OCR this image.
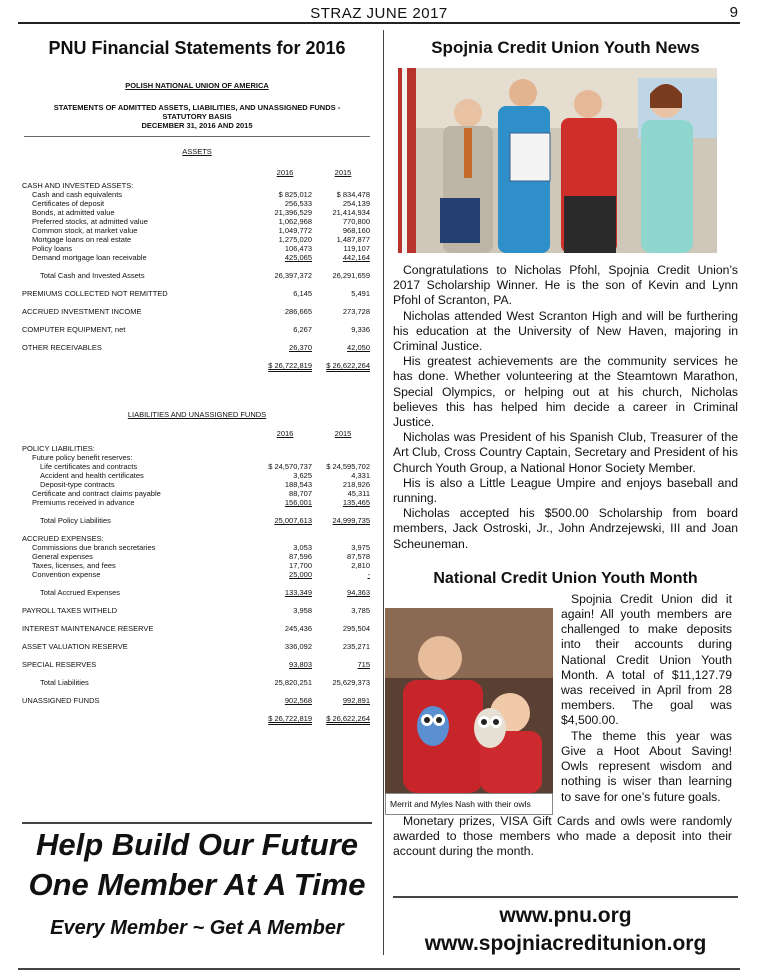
STRAZ JUNE 2017	9
PNU Financial Statements for 2016
POLISH NATIONAL UNION OF AMERICA
STATEMENTS OF ADMITTED ASSETS, LIABILITIES, AND UNASSIGNED FUNDS -
STATUTORY BASIS
DECEMBER 31, 2016 AND 2015
ASSETS
2016	2015
CASH AND INVESTED ASSETS:
Cash and cash equivalents	$ 825,012	$ 834,478
Certificates of deposit	256,533	254,139
Bonds, at admitted value	21,396,529	21,414,934
Preferred stocks, at admitted value	1,062,968	770,800
Common stock, at market value	1,049,772	968,160
Mortgage loans on real estate	1,275,020	1,487,877
Policy loans	106,473	119,107
Demand mortgage loan receivable	425,065	442,164
Total Cash and Invested Assets	26,397,372	26,291,659
PREMIUMS COLLECTED NOT REMITTED	6,145	5,491
ACCRUED INVESTMENT INCOME	286,665	273,728
COMPUTER EQUIPMENT, net	6,267	9,336
OTHER RECEIVABLES	26,370	42,050
$ 26,722,819	$ 26,622,264
LIABILITIES AND UNASSIGNED FUNDS
2016	2015
POLICY LIABILITIES:
Future policy benefit reserves:
Life certificates and contracts	$ 24,570,737	$ 24,595,702
Accident and health certificates	3,625	4,331
Deposit-type contracts	188,543	218,926
Certificate and contract claims payable	88,707	45,311
Premiums received in advance	156,001	135,465
Total Policy Liabilities	25,007,613	24,999,735
ACCRUED EXPENSES:
Commissions due branch secretaries	3,053	3,975
General expenses	87,596	87,578
Taxes, licenses, and fees	17,700	2,810
Convention expense	25,000	-
Total Accrued Expenses	133,349	94,363
PAYROLL TAXES WITHELD	3,958	3,785
INTEREST MAINTENANCE RESERVE	245,436	295,504
ASSET VALUATION RESERVE	336,092	235,271
SPECIAL RESERVES	93,803	715
Total Liabilities	25,820,251	25,629,373
UNASSIGNED FUNDS	902,568	992,891
$ 26,722,819	$ 26,622,264
Help Build Our Future
One Member At A Time
Every Member ~ Get A Member
Spojnia Credit Union Youth News

Congratulations to Nicholas Pfohl, Spojnia Credit Union’s 2017 Scholarship Winner. He is the son of Kevin and Lynn Pfohl of Scranton, PA.

Nicholas attended West Scranton High and will be furthering his education at the University of New Haven, majoring in Criminal Justice.

His greatest achievements are the community services he has done. Whether volunteering at the Steamtown Marathon, Special Olympics, or helping out at his church, Nicholas believes this has helped him decide a career in Criminal Justice.

Nicholas was President of his Spanish Club, Treasurer of the Art Club, Cross Country Captain, Secretary and President of his Church Youth Group, a National Honor Society Member.

His is also a Little League Umpire and enjoys baseball and running.

Nicholas accepted his $500.00 Scholarship from board members, Jack Ostroski, Jr., John Andrzejewski, III and Joan Scheuneman.

National Credit Union Youth Month
Merrit and Myles Nash with their owls

Spojnia Credit Union did it again! All youth members are challenged to make deposits into their accounts during National Credit Union Youth Month. A total of $11,127.79 was received in April from 28 members. The goal was $4,500.00.

The theme this year was Give a Hoot About Saving! Owls represent wisdom and nothing is wiser than learning to save for one’s future goals.

Monetary prizes, VISA Gift Cards and owls were randomly awarded to those members who made a deposit into their account during the month.

www.pnu.org
www.spojniacreditunion.org
